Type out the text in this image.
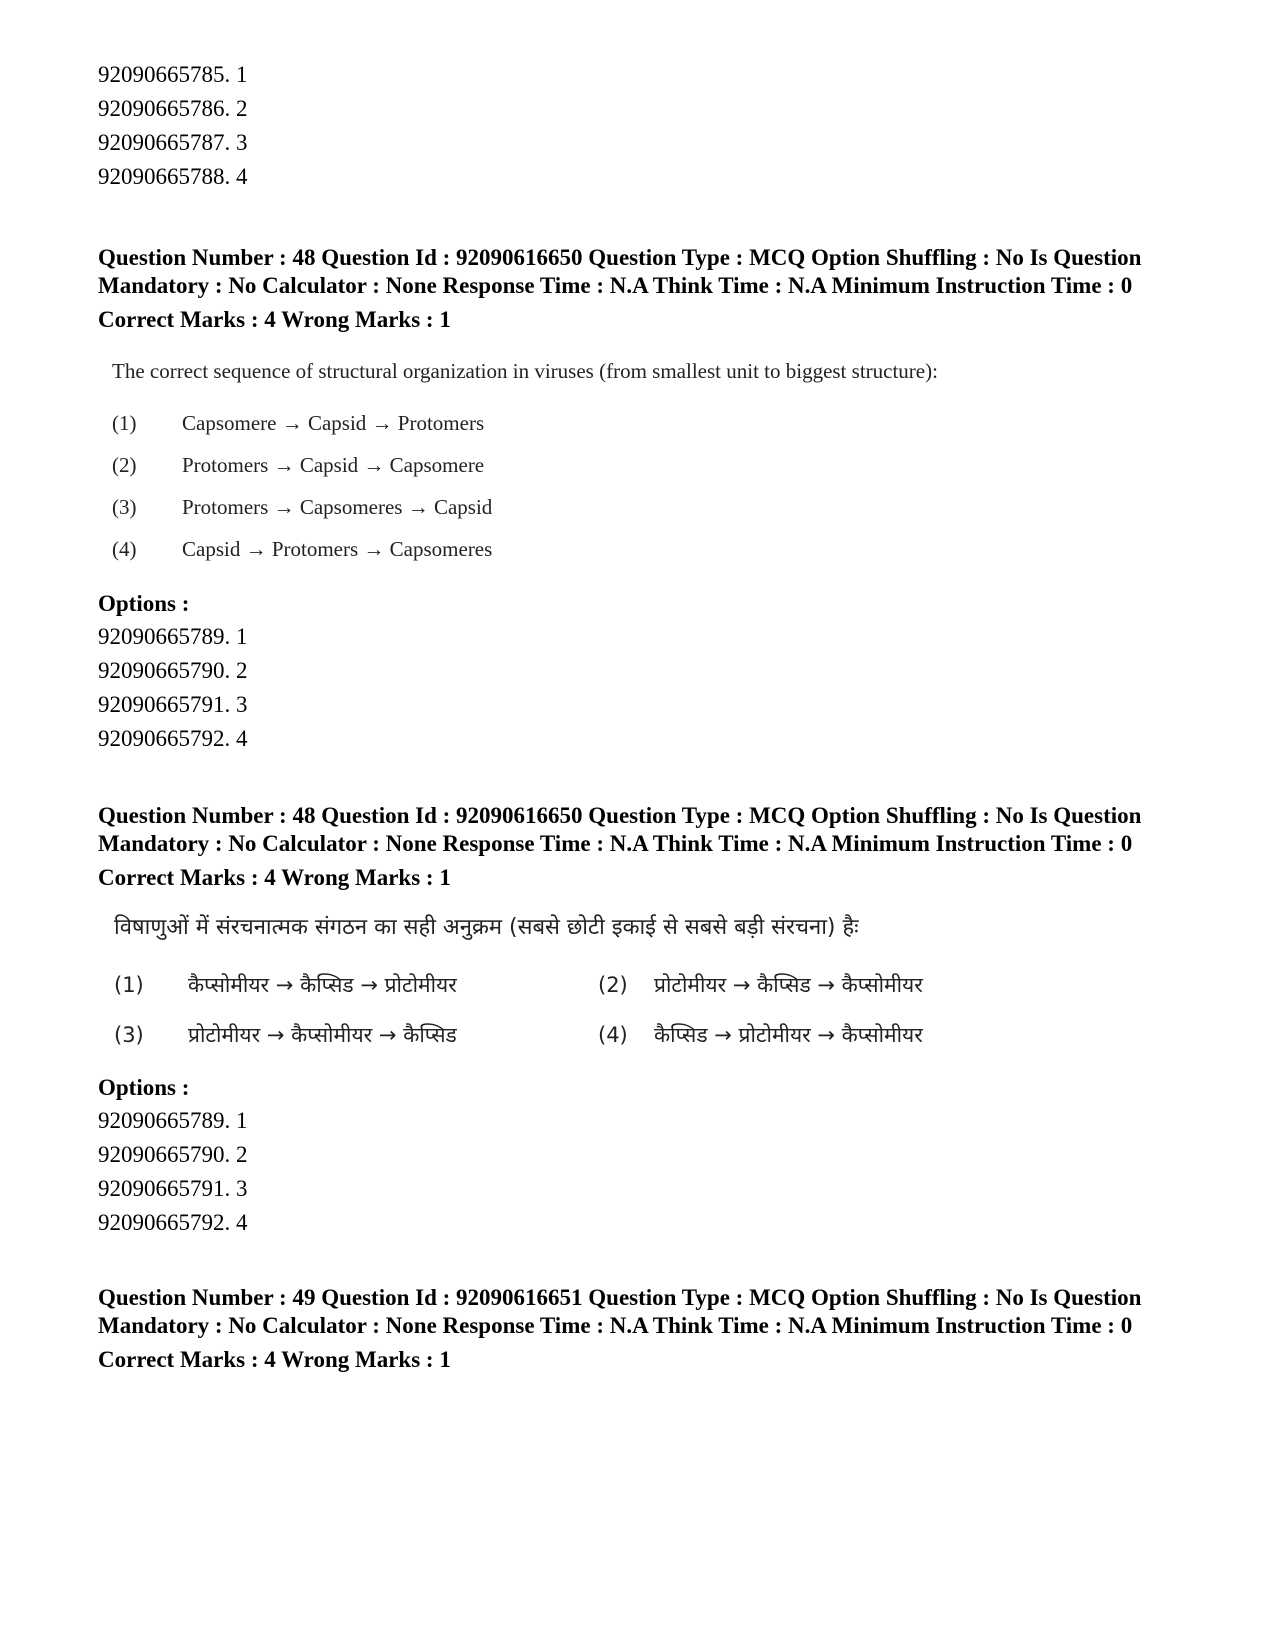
92090665785. 1
92090665786. 2
92090665787. 3
92090665788. 4
Question Number : 48 Question Id : 92090616650 Question Type : MCQ Option Shuffling : No Is Question Mandatory : No Calculator : None Response Time : N.A Think Time : N.A Minimum Instruction Time : 0
Correct Marks : 4 Wrong Marks : 1
The correct sequence of structural organization in viruses (from smallest unit to biggest structure):
(1)	Capsomere → Capsid → Protomers
(2)	Protomers → Capsid → Capsomere
(3)	Protomers → Capsomeres → Capsid
(4)	Capsid → Protomers → Capsomeres
Options :
92090665789. 1
92090665790. 2
92090665791. 3
92090665792. 4
Question Number : 48 Question Id : 92090616650 Question Type : MCQ Option Shuffling : No Is Question Mandatory : No Calculator : None Response Time : N.A Think Time : N.A Minimum Instruction Time : 0
Correct Marks : 4 Wrong Marks : 1
विषाणुओं में संरचनात्मक संगठन का सही अनुक्रम (सबसे छोटी इकाई से सबसे बड़ी संरचना) हैः
(1)	कैप्सोमीयर → कैप्सिड → प्रोटोमीयर	(2)	प्रोटोमीयर → कैप्सिड → कैप्सोमीयर
(3)	प्रोटोमीयर → कैप्सोमीयर → कैप्सिड	(4)	कैप्सिड → प्रोटोमीयर → कैप्सोमीयर
Options :
92090665789. 1
92090665790. 2
92090665791. 3
92090665792. 4
Question Number : 49 Question Id : 92090616651 Question Type : MCQ Option Shuffling : No Is Question Mandatory : No Calculator : None Response Time : N.A Think Time : N.A Minimum Instruction Time : 0
Correct Marks : 4 Wrong Marks : 1
